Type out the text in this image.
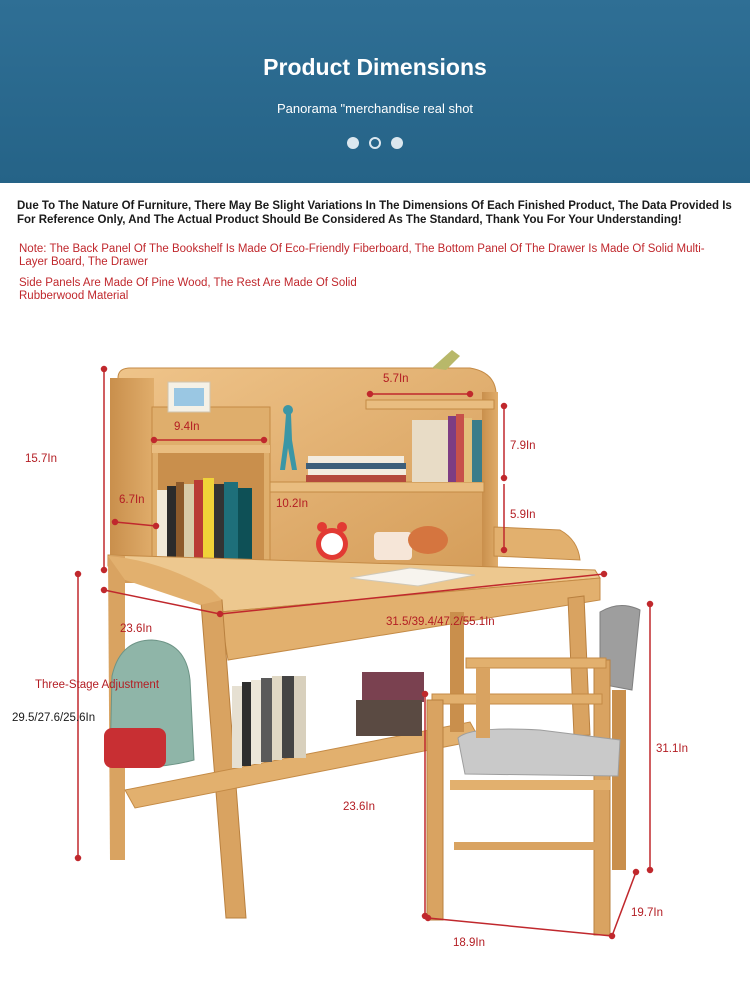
Product Dimensions
Panorama "merchandise real shot
Due To The Nature Of Furniture, There May Be Slight Variations In The Dimensions Of Each Finished Product, The Data Provided Is For Reference Only, And The Actual Product Should Be Considered As The Standard, Thank You For Your Understanding!
Note: The Back Panel Of The Bookshelf Is Made Of Eco-Friendly Fiberboard, The Bottom Panel Of The Drawer Is Made Of Solid Multi-Layer Board, The Drawer
Side Panels Are Made Of Pine Wood, The Rest Are Made Of Solid Rubberwood Material
15.7In
5.7In
9.4In
7.9In
6.7In	10.2In
5.9In
23.6In
31.5/39.4/47.2/55.1In
Three-Stage Adjustment
29.5/27.6/25.6In
31.1In
23.6In
19.7In
18.9In
